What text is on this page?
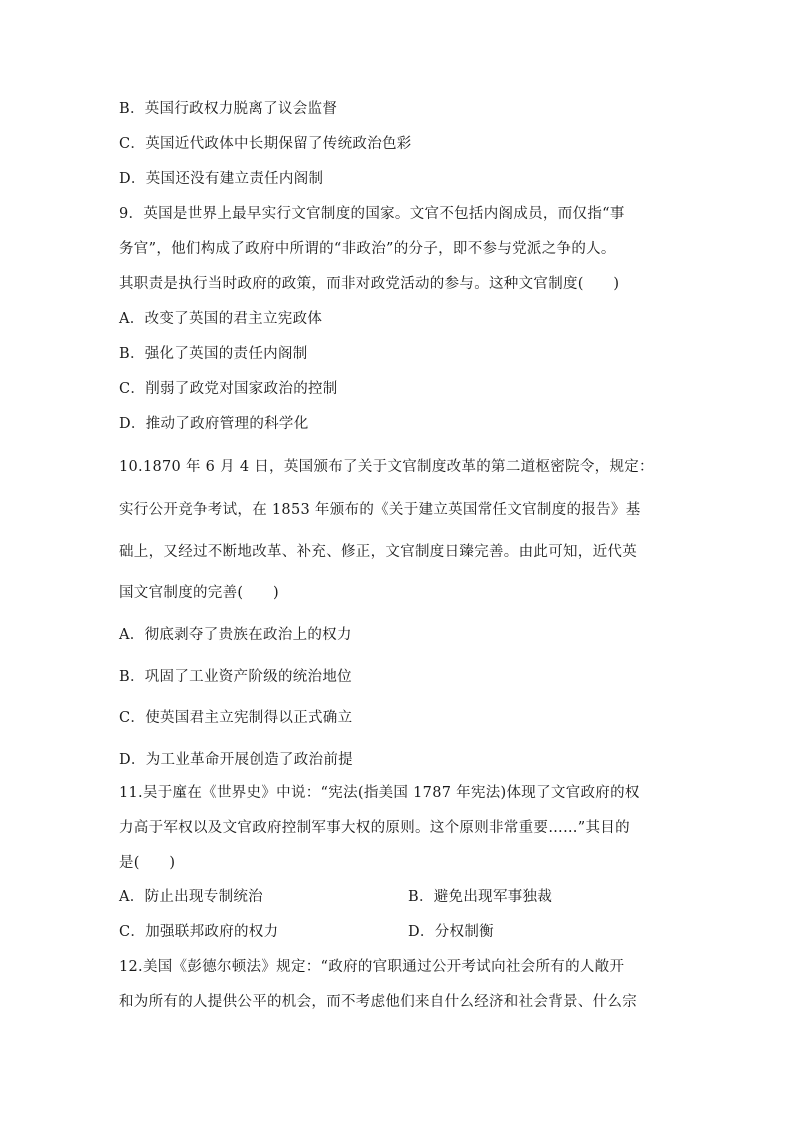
B．英国行政权力脱离了议会监督
C．英国近代政体中长期保留了传统政治色彩
D．英国还没有建立责任内阁制
9．英国是世界上最早实行文官制度的国家。文官不包括内阁成员，而仅指“事
务官”，他们构成了政府中所谓的“非政治”的分子，即不参与党派之争的人。
其职责是执行当时政府的政策，而非对政党活动的参与。这种文官制度(　　)
A．改变了英国的君主立宪政体
B．强化了英国的责任内阁制
C．削弱了政党对国家政治的控制
D．推动了政府管理的科学化
10.1870 年 6 月 4 日，英国颁布了关于文官制度改革的第二道枢密院令，规定：
实行公开竞争考试，在 1853 年颁布的《关于建立英国常任文官制度的报告》基
础上，又经过不断地改革、补充、修正，文官制度日臻完善。由此可知，近代英
国文官制度的完善(　　)
A．彻底剥夺了贵族在政治上的权力
B．巩固了工业资产阶级的统治地位
C．使英国君主立宪制得以正式确立
D．为工业革命开展创造了政治前提
11.吴于廑在《世界史》中说：“宪法(指美国 1787 年宪法)体现了文官政府的权
力高于军权以及文官政府控制军事大权的原则。这个原则非常重要……”其目的
是(　　)
A．防止出现专制统治	B．避免出现军事独裁
C．加强联邦政府的权力	D．分权制衡
12.美国《彭德尔顿法》规定：“政府的官职通过公开考试向社会所有的人敞开
和为所有的人提供公平的机会，而不考虑他们来自什么经济和社会背景、什么宗
